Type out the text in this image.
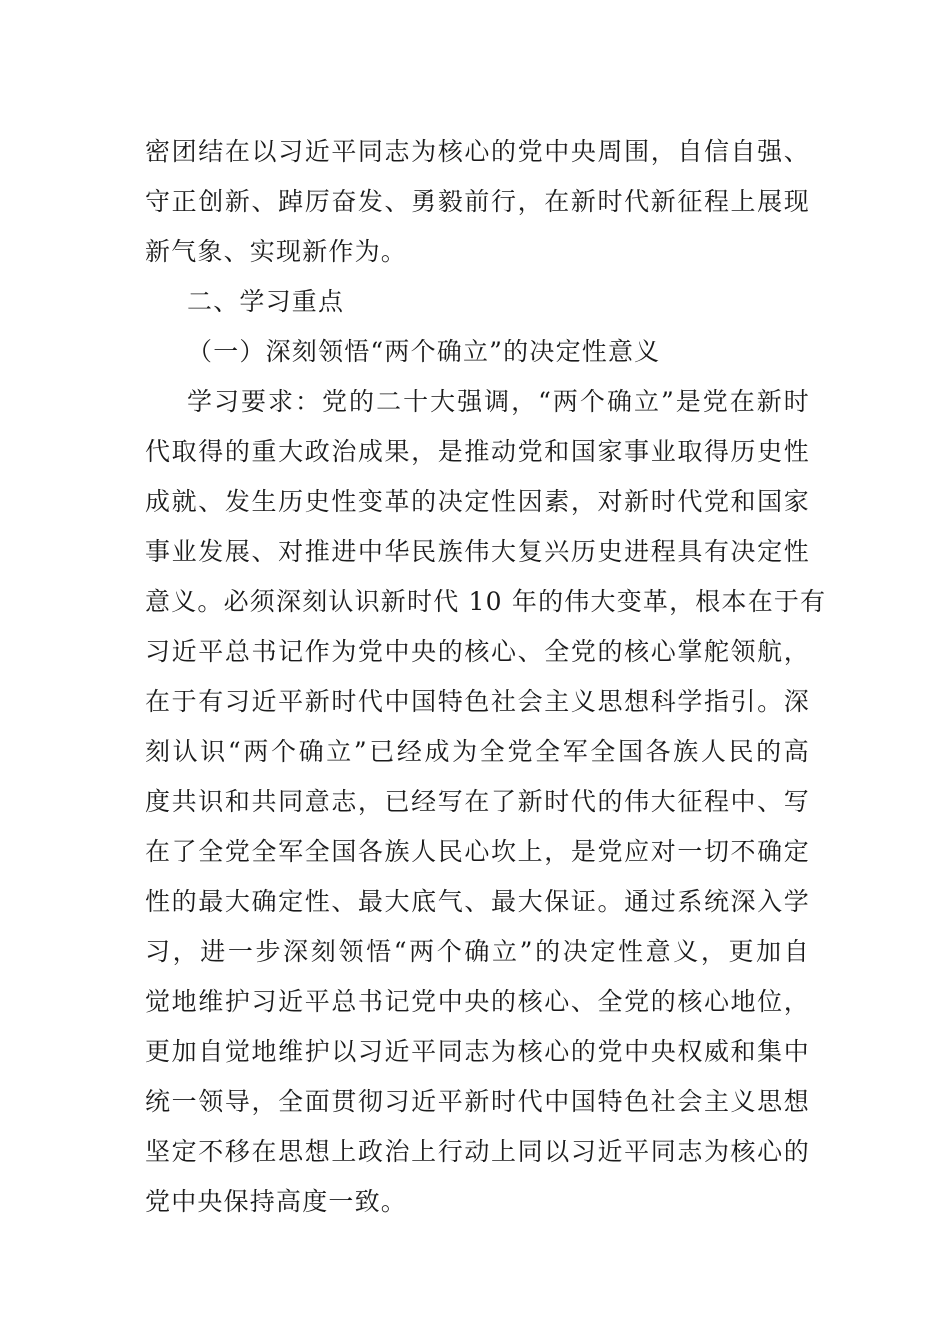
密团结在以习近平同志为核心的党中央周围，自信自强、
守正创新、踔厉奋发、勇毅前行，在新时代新征程上展现
新气象、实现新作为。
二、学习重点
（一）深刻领悟“两个确立”的决定性意义
学习要求：党的二十大强调，“两个确立”是党在新时
代取得的重大政治成果，是推动党和国家事业取得历史性
成就、发生历史性变革的决定性因素，对新时代党和国家
事业发展、对推进中华民族伟大复兴历史进程具有决定性
意义。必须深刻认识新时代 10 年的伟大变革，根本在于有
习近平总书记作为党中央的核心、全党的核心掌舵领航，
在于有习近平新时代中国特色社会主义思想科学指引。深
刻认识“两个确立”已经成为全党全军全国各族人民的高
度共识和共同意志，已经写在了新时代的伟大征程中、写
在了全党全军全国各族人民心坎上，是党应对一切不确定
性的最大确定性、最大底气、最大保证。通过系统深入学
习，进一步深刻领悟“两个确立”的决定性意义，更加自
觉地维护习近平总书记党中央的核心、全党的核心地位，
更加自觉地维护以习近平同志为核心的党中央权威和集中
统一领导，全面贯彻习近平新时代中国特色社会主义思想
坚定不移在思想上政治上行动上同以习近平同志为核心的
党中央保持高度一致。
